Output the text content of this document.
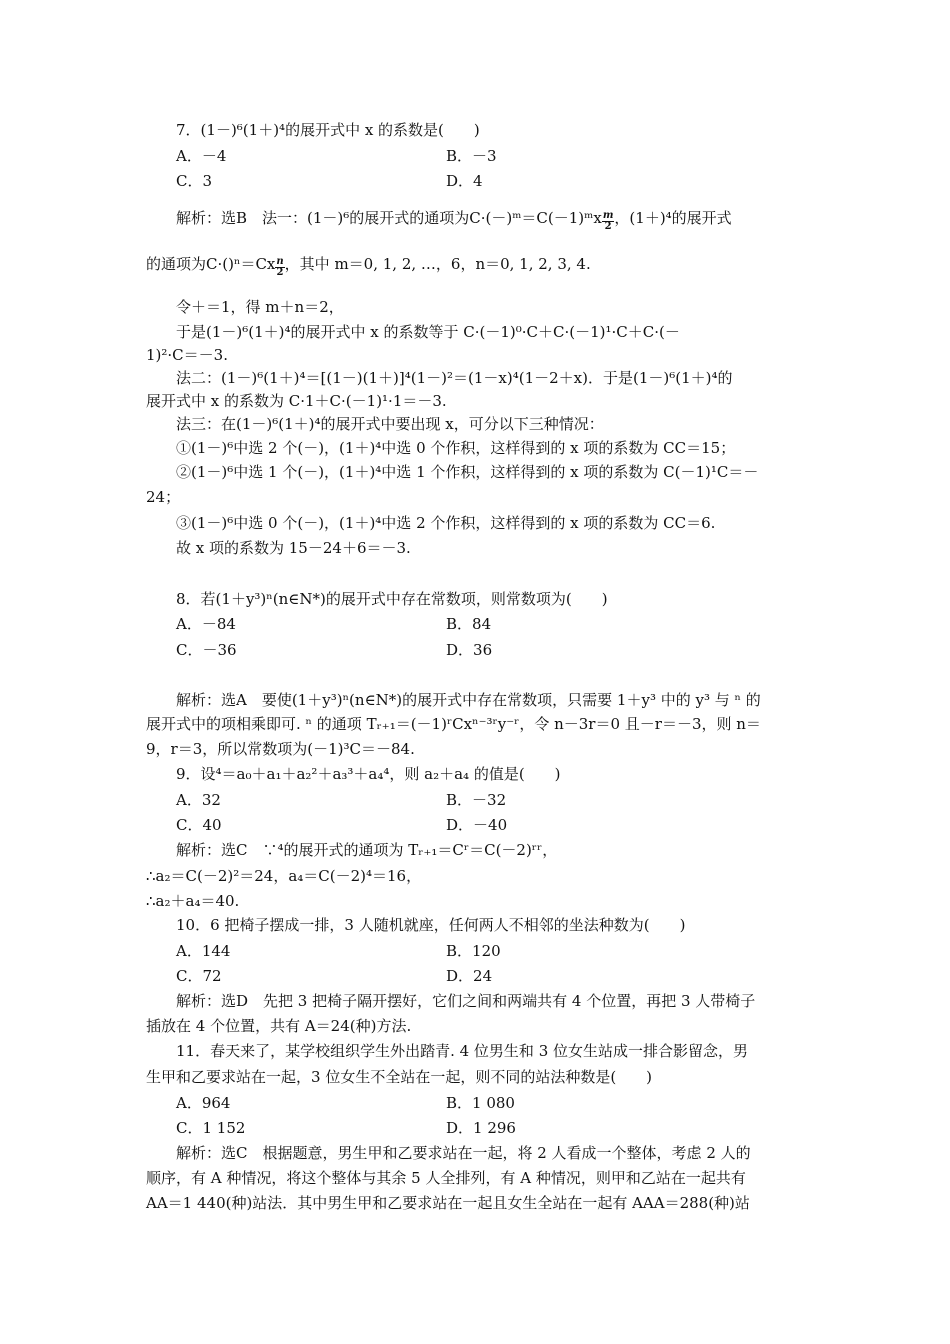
7．(1－)⁶(1＋)⁴的展开式中 x 的系数是(　　)
A．－4	B．－3
C．3	D．4
解析：选B　法一：(1－)⁶的展开式的通项为C·(－)ᵐ＝C(－1)ᵐx $\frac{m}{2}$ ，(1＋)⁴的展开式
的通项为$C\cdot()^n=Cx \frac{n}{2}$ ，其中 m＝0, 1, 2, …，6，n＝0, 1, 2, 3, 4.
令＋＝1，得 m＋n＝2，
于是(1－)⁶(1＋)⁴的展开式中 x 的系数等于 C·(－1)⁰·C＋C·(－1)¹·C＋C·(－
1)²·C＝－3.
法二：(1－)⁶(1＋)⁴＝[(1－)(1＋)]⁴(1－)²＝(1－x)⁴(1－2＋x)．于是(1－)⁶(1＋)⁴的
展开式中 x 的系数为 C·1＋C·(－1)¹·1＝－3.
法三：在(1－)⁶(1＋)⁴的展开式中要出现 x，可分以下三种情况：
①(1－)⁶中选 2 个(－)，(1＋)⁴中选 0 个作积，这样得到的 x 项的系数为 CC＝15；
②(1－)⁶中选 1 个(－)，(1＋)⁴中选 1 个作积，这样得到的 x 项的系数为 C(－1)¹C＝－
24；
③(1－)⁶中选 0 个(－)，(1＋)⁴中选 2 个作积，这样得到的 x 项的系数为 CC＝6.
故 x 项的系数为 15－24＋6＝－3.
8．若(1＋y³)ⁿ(n∈N*)的展开式中存在常数项，则常数项为(　　)
A．－84	B．84
C．－36	D．36
解析：选A　要使(1＋y³)ⁿ(n∈N*)的展开式中存在常数项，只需要 1＋y³ 中的 y³ 与 ⁿ 的
展开式中的项相乘即可. ⁿ 的通项 Tᵣ₊₁＝(－1)ʳCxⁿ⁻³ʳy⁻ʳ，令 n－3r＝0 且－r＝－3，则 n＝
9，r＝3，所以常数项为(－1)³C＝－84.
9．设⁴＝a₀＋a₁＋a₂²＋a₃³＋a₄⁴，则 a₂＋a₄ 的值是(　　)
A．32	B．－32
C．40	D．－40
解析：选C　∵⁴的展开式的通项为 Tᵣ₊₁＝Cʳ＝C(－2)ʳʳ，
∴a₂＝C(－2)²＝24，a₄＝C(－2)⁴＝16，
∴a₂＋a₄＝40.
10．6 把椅子摆成一排，3 人随机就座，任何两人不相邻的坐法种数为(　　)
A．144	B．120
C．72	D．24
解析：选D　先把 3 把椅子隔开摆好，它们之间和两端共有 4 个位置，再把 3 人带椅子
插放在 4 个位置，共有 A＝24(种)方法.
11．春天来了，某学校组织学生外出踏青. 4 位男生和 3 位女生站成一排合影留念，男
生甲和乙要求站在一起，3 位女生不全站在一起，则不同的站法种数是(　　)
A．964	B．1 080
C．1 152	D．1 296
解析：选C　根据题意，男生甲和乙要求站在一起，将 2 人看成一个整体，考虑 2 人的
顺序，有 A 种情况，将这个整体与其余 5 人全排列，有 A 种情况，则甲和乙站在一起共有
AA＝1 440(种)站法．其中男生甲和乙要求站在一起且女生全站在一起有 AAA＝288(种)站
